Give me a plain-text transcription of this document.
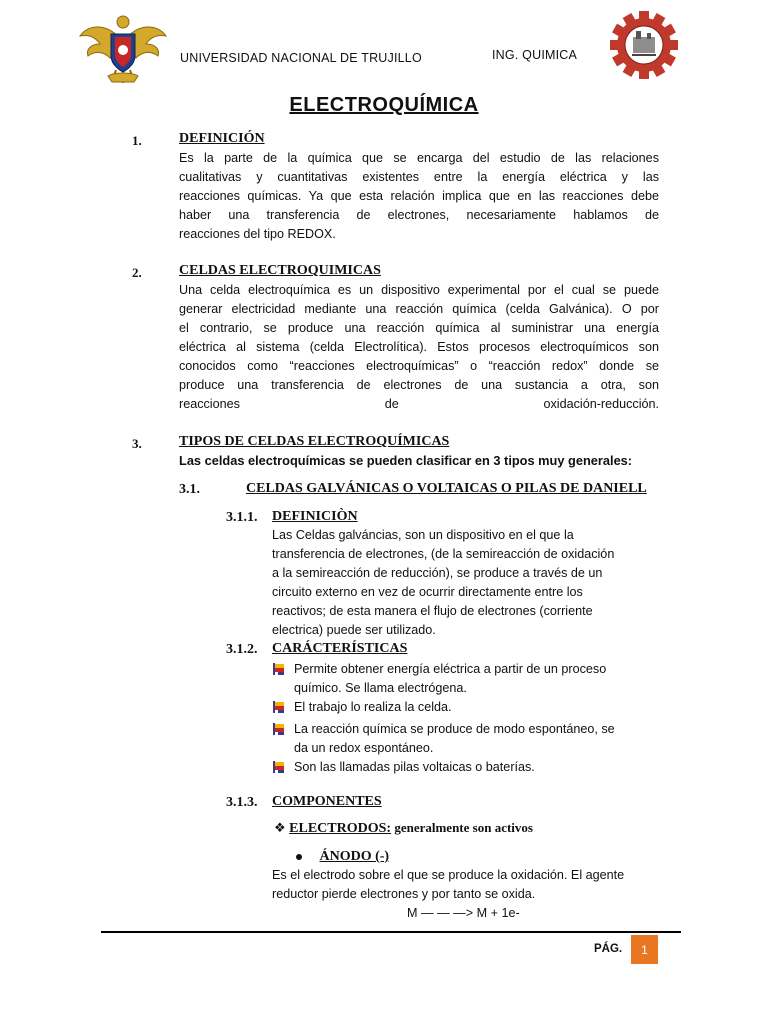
UNIVERSIDAD NACIONAL DE TRUJILLO	ING. QUIMICA
ELECTROQUÍMICA
1.	DEFINICIÓN
Es la parte de la química que se encarga del estudio de las relaciones
cualitativas y cuantitativas existentes entre la energía eléctrica y las
reacciones químicas. Ya que esta relación implica que en las reacciones debe
haber una transferencia de electrones, necesariamente hablamos de
reacciones del tipo REDOX.
2.	CELDAS ELECTROQUIMICAS
Una celda electroquímica es un dispositivo experimental por el cual se puede
generar electricidad mediante una reacción química (celda Galvánica). O por
el contrario, se produce una reacción química al suministrar una energía
eléctrica al sistema (celda Electrolítica). Estos procesos electroquímicos son
conocidos como “reacciones electroquímicas” o “reacción redox” donde se
produce una transferencia de electrones de una sustancia a otra, son
reacciones de oxidación-reducción.
3.	TIPOS DE CELDAS ELECTROQUÍMICAS
Las celdas electroquímicas se pueden clasificar en 3 tipos muy generales:
3.1.	CELDAS GALVÁNICAS O VOLTAICAS O PILAS DE DANIELL
3.1.1. DEFINICIÒN
Las Celdas galváncias, son un dispositivo en el que la
transferencia de electrones, (de la semireacción de oxidación
a la semireacción de reducción), se produce a través de un
circuito externo en vez de ocurrir directamente entre los
reactivos; de esta manera el flujo de electrones (corriente
electrica) puede ser utilizado.
3.1.2. CARÁCTERÍSTICAS
Permite obtener energía eléctrica a partir de un proceso
químico. Se llama electrógena.
El trabajo lo realiza la celda.
La reacción química se produce de modo espontáneo, se
da un redox espontáneo.
Son las llamadas pilas voltaicas o baterías.
3.1.3. COMPONENTES
❖ ELECTRODOS: generalmente son activos
ÁNODO (-)
Es el electrodo sobre el que se produce la oxidación. El agente
reductor pierde electrones y por tanto se oxida.
M — — —> M + 1e-
PÁG.	1
